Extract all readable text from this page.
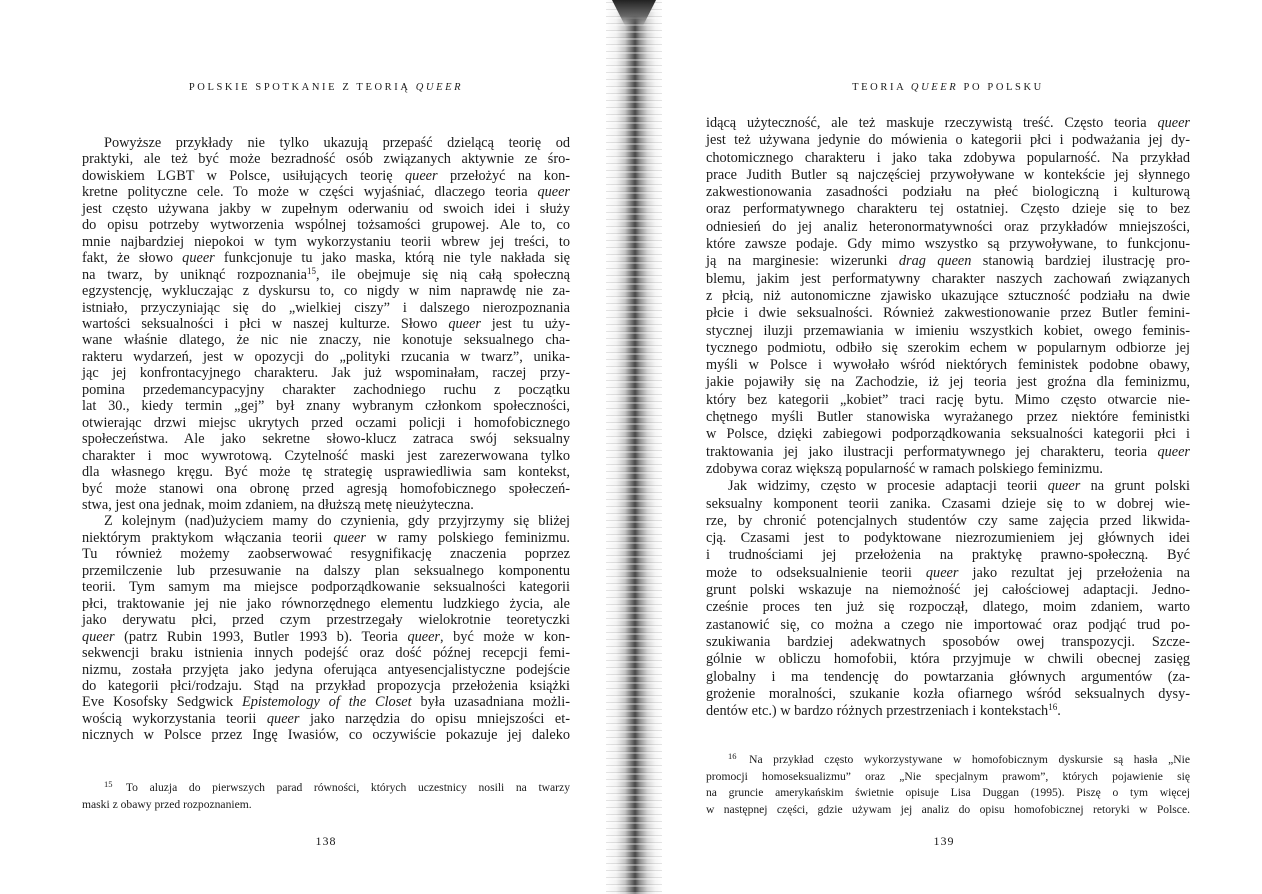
POLSKIE SPOTKANIE Z TEORIĄ QUEER
Powyższe przykłady nie tylko ukazują przepaść dzielącą teorię od
praktyki, ale też być może bezradność osób związanych aktywnie ze śro-
dowiskiem LGBT w Polsce, usiłujących teorię queer przełożyć na kon-
kretne polityczne cele. To może w części wyjaśniać, dlaczego teoria queer
jest często używana jakby w zupełnym oderwaniu od swoich idei i służy
do opisu potrzeby wytworzenia wspólnej tożsamości grupowej. Ale to, co
mnie najbardziej niepokoi w tym wykorzystaniu teorii wbrew jej treści, to
fakt, że słowo queer funkcjonuje tu jako maska, którą nie tyle nakłada się
na twarz, by uniknąć rozpoznania$^{15}$, ile obejmuje się nią całą społeczną
egzystencję, wykluczając z dyskursu to, co nigdy w nim naprawdę nie za-
istniało, przyczyniając się do „wielkiej ciszy” i dalszego nierozpoznania
wartości seksualności i płci w naszej kulturze. Słowo queer jest tu uży-
wane właśnie dlatego, że nic nie znaczy, nie konotuje seksualnego cha-
rakteru wydarzeń, jest w opozycji do „polityki rzucania w twarz”, unika-
jąc jej konfrontacyjnego charakteru. Jak już wspominałam, raczej przy-
pomina przedemancypacyjny charakter zachodniego ruchu z początku
lat 30., kiedy termin „gej” był znany wybranym członkom społeczności,
otwierając drzwi miejsc ukrytych przed oczami policji i homofobicznego
społeczeństwa. Ale jako sekretne słowo-klucz zatraca swój seksualny
charakter i moc wywrotową. Czytelność maski jest zarezerwowana tylko
dla własnego kręgu. Być może tę strategię usprawiedliwia sam kontekst,
być może stanowi ona obronę przed agresją homofobicznego społeczeń-
stwa, jest ona jednak, moim zdaniem, na dłuższą metę nieużyteczna.
Z kolejnym (nad)użyciem mamy do czynienia, gdy przyjrzymy się bliżej
niektórym praktykom włączania teorii queer w ramy polskiego feminizmu.
Tu również możemy zaobserwować resygnifikację znaczenia poprzez
przemilczenie lub przesuwanie na dalszy plan seksualnego komponentu
teorii. Tym samym ma miejsce podporządkowanie seksualności kategorii
płci, traktowanie jej nie jako równorzędnego elementu ludzkiego życia, ale
jako derywatu płci, przed czym przestrzegały wielokrotnie teoretyczki
queer (patrz Rubin 1993, Butler 1993 b). Teoria queer, być może w kon-
sekwencji braku istnienia innych podejść oraz dość późnej recepcji femi-
nizmu, została przyjęta jako jedyna oferująca antyesencjalistyczne podejście
do kategorii płci/rodzaju. Stąd na przykład propozycja przełożenia książki
Eve Kosofsky Sedgwick Epistemology of the Closet była uzasadniana możli-
wością wykorzystania teorii queer jako narzędzia do opisu mniejszości et-
nicznych w Polsce przez Ingę Iwasiów, co oczywiście pokazuje jej daleko
$^{15}$ To aluzja do pierwszych parad równości, których uczestnicy nosili na twarzy
maski z obawy przed rozpoznaniem.
138
TEORIA QUEER PO POLSKU
idącą użyteczność, ale też maskuje rzeczywistą treść. Często teoria queer
jest też używana jedynie do mówienia o kategorii płci i podważania jej dy-
chotomicznego charakteru i jako taka zdobywa popularność. Na przykład
prace Judith Butler są najczęściej przywoływane w kontekście jej słynnego
zakwestionowania zasadności podziału na płeć biologiczną i kulturową
oraz performatywnego charakteru tej ostatniej. Często dzieje się to bez
odniesień do jej analiz heteronormatywności oraz przykładów mniejszości,
które zawsze podaje. Gdy mimo wszystko są przywoływane, to funkcjonu-
ją na marginesie: wizerunki drag queen stanowią bardziej ilustrację pro-
blemu, jakim jest performatywny charakter naszych zachowań związanych
z płcią, niż autonomiczne zjawisko ukazujące sztuczność podziału na dwie
płcie i dwie seksualności. Również zakwestionowanie przez Butler femini-
stycznej iluzji przemawiania w imieniu wszystkich kobiet, owego feminis-
tycznego podmiotu, odbiło się szerokim echem w popularnym odbiorze jej
myśli w Polsce i wywołało wśród niektórych feministek podobne obawy,
jakie pojawiły się na Zachodzie, iż jej teoria jest groźna dla feminizmu,
który bez kategorii „kobiet” traci rację bytu. Mimo często otwarcie nie-
chętnego myśli Butler stanowiska wyrażanego przez niektóre feministki
w Polsce, dzięki zabiegowi podporządkowania seksualności kategorii płci i
traktowania jej jako ilustracji performatywnego jej charakteru, teoria queer
zdobywa coraz większą popularność w ramach polskiego feminizmu.
Jak widzimy, często w procesie adaptacji teorii queer na grunt polski
seksualny komponent teorii zanika. Czasami dzieje się to w dobrej wie-
rze, by chronić potencjalnych studentów czy same zajęcia przed likwida-
cją. Czasami jest to podyktowane niezrozumieniem jej głównych idei
i trudnościami jej przełożenia na praktykę prawno-społeczną. Być
może to odseksualnienie teorii queer jako rezultat jej przełożenia na
grunt polski wskazuje na niemożność jej całościowej adaptacji. Jedno-
cześnie proces ten już się rozpoczął, dlatego, moim zdaniem, warto
zastanowić się, co można a czego nie importować oraz podjąć trud po-
szukiwania bardziej adekwatnych sposobów owej transpozycji. Szcze-
gólnie w obliczu homofobii, która przyjmuje w chwili obecnej zasięg
globalny i ma tendencję do powtarzania głównych argumentów (za-
grożenie moralności, szukanie kozła ofiarnego wśród seksualnych dysy-
dentów etc.) w bardzo różnych przestrzeniach i kontekstach$^{16}$.
$^{16}$ Na przykład często wykorzystywane w homofobicznym dyskursie są hasła „Nie
promocji homoseksualizmu” oraz „Nie specjalnym prawom”, których pojawienie się
na gruncie amerykańskim świetnie opisuje Lisa Duggan (1995). Piszę o tym więcej
w następnej części, gdzie używam jej analiz do opisu homofobicznej retoryki w Polsce.
139
